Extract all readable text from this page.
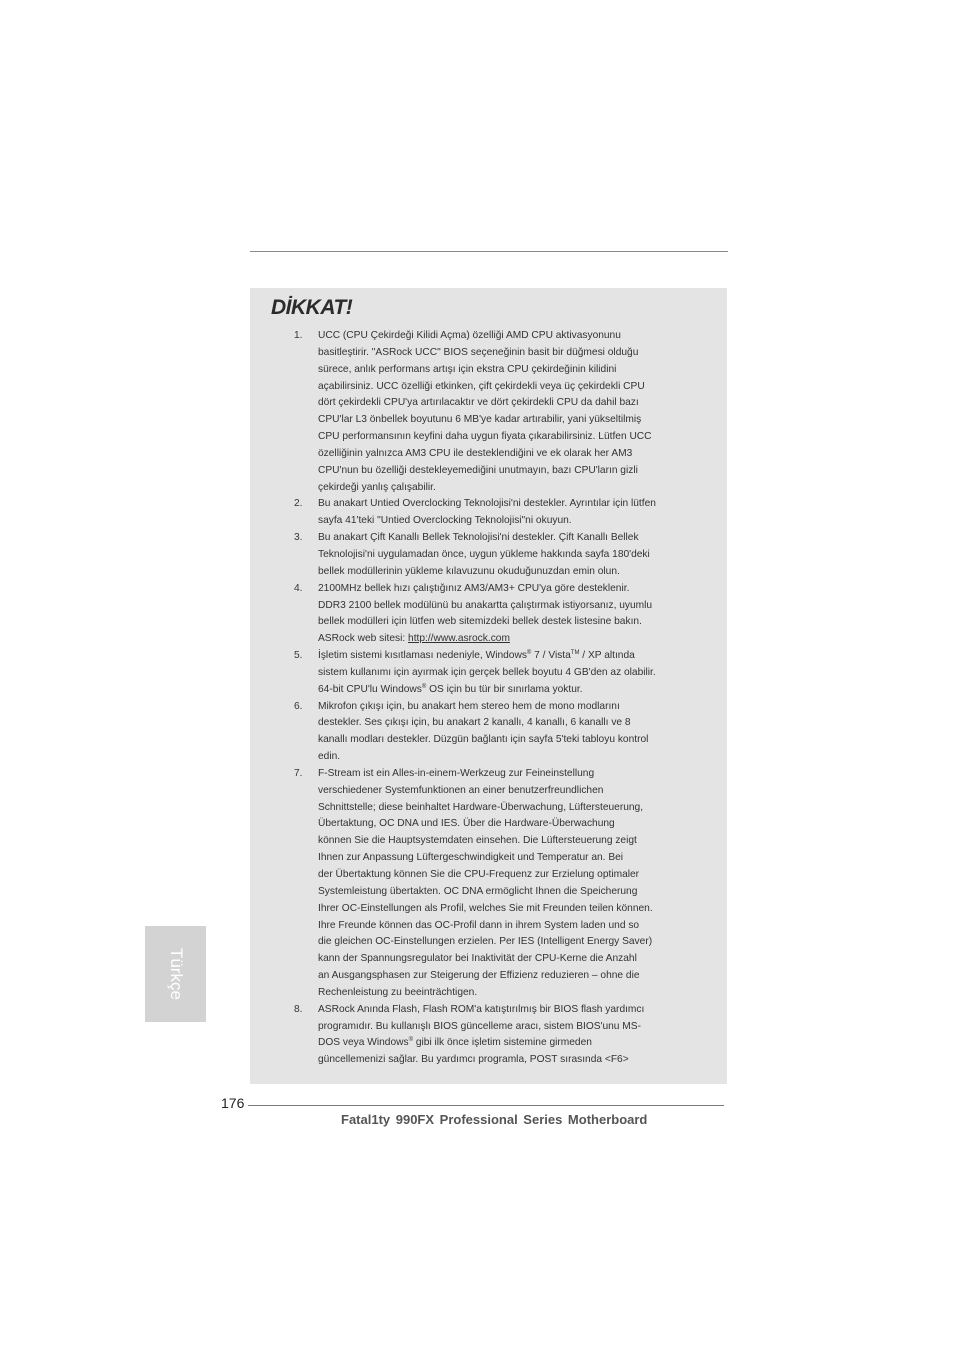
DİKKAT!
1. UCC (CPU Çekirdeği Kilidi Açma) özelliği AMD CPU aktivasyonunu
basitleştirir. "ASRock UCC" BIOS seçeneğinin basit bir düğmesi olduğu
sürece, anlık performans artışı için ekstra CPU çekirdeğinin kilidini
açabilirsiniz. UCC özelliği etkinken, çift çekirdekli veya üç çekirdekli CPU
dört çekirdekli CPU'ya artırılacaktır ve dört çekirdekli CPU da dahil bazı
CPU'lar L3 önbellek boyutunu 6 MB'ye kadar artırabilir, yani yükseltilmiş
CPU performansının keyfini daha uygun fiyata çıkarabilirsiniz. Lütfen UCC
özelliğinin yalnızca AM3 CPU ile desteklendiğini ve ek olarak her AM3
CPU'nun bu özelliği destekleyemediğini unutmayın, bazı CPU'ların gizli
çekirdeği yanlış çalışabilir.
2. Bu anakart Untied Overclocking Teknolojisi'ni destekler. Ayrıntılar için lütfen
sayfa 41'teki "Untied Overclocking Teknolojisi"ni okuyun.
3. Bu anakart Çift Kanallı Bellek Teknolojisi'ni destekler. Çift Kanallı Bellek
Teknolojisi'ni uygulamadan önce, uygun yükleme hakkında sayfa 180'deki
bellek modüllerinin yükleme kılavuzunu okuduğunuzdan emin olun.
4. 2100MHz bellek hızı çalıştığınız AM3/AM3+ CPU'ya göre desteklenir.
DDR3 2100 bellek modülünü bu anakartta çalıştırmak istiyorsanız, uyumlu
bellek modülleri için lütfen web sitemizdeki bellek destek listesine bakın.
ASRock web sitesi: http://www.asrock.com
5. İşletim sistemi kısıtlaması nedeniyle, Windows® 7 / Vista™ / XP altında
sistem kullanımı için ayırmak için gerçek bellek boyutu 4 GB'den az olabilir.
64-bit CPU'lu Windows® OS için bu tür bir sınırlama yoktur.
6. Mikrofon çıkışı için, bu anakart hem stereo hem de mono modlarını
destekler. Ses çıkışı için, bu anakart 2 kanallı, 4 kanallı, 6 kanallı ve 8
kanallı modları destekler. Düzgün bağlantı için sayfa 5'teki tabloyu kontrol
edin.
7. F-Stream ist ein Alles-in-einem-Werkzeug zur Feineinstellung
verschiedener Systemfunktionen an einer benutzerfreundlichen
Schnittstelle; diese beinhaltet Hardware-Überwachung, Lüftersteuerung,
Übertaktung, OC DNA und IES. Über die Hardware-Überwachung
können Sie die Hauptsystemdaten einsehen. Die Lüftersteuerung zeigt
Ihnen zur Anpassung Lüftergeschwindigkeit und Temperatur an. Bei
der Übertaktung können Sie die CPU-Frequenz zur Erzielung optimaler
Systemleistung übertakten. OC DNA ermöglicht Ihnen die Speicherung
Ihrer OC-Einstellungen als Profil, welches Sie mit Freunden teilen können.
Ihre Freunde können das OC-Profil dann in ihrem System laden und so
die gleichen OC-Einstellungen erzielen. Per IES (Intelligent Energy Saver)
kann der Spannungsregulator bei Inaktivität der CPU-Kerne die Anzahl
an Ausgangsphasen zur Steigerung der Effizienz reduzieren – ohne die
Rechenleistung zu beeinträchtigen.
8. ASRock Anında Flash, Flash ROM'a katıştırılmış bir BIOS flash yardımcı
programıdır. Bu kullanışlı BIOS güncelleme aracı, sistem BIOS'unu MS-
DOS veya Windows® gibi ilk önce işletim sistemine girmeden
güncellemenizi sağlar. Bu yardımcı programla, POST sırasında <F6>
Türkçe
176
Fatal1ty 990FX Professional Series Motherboard
